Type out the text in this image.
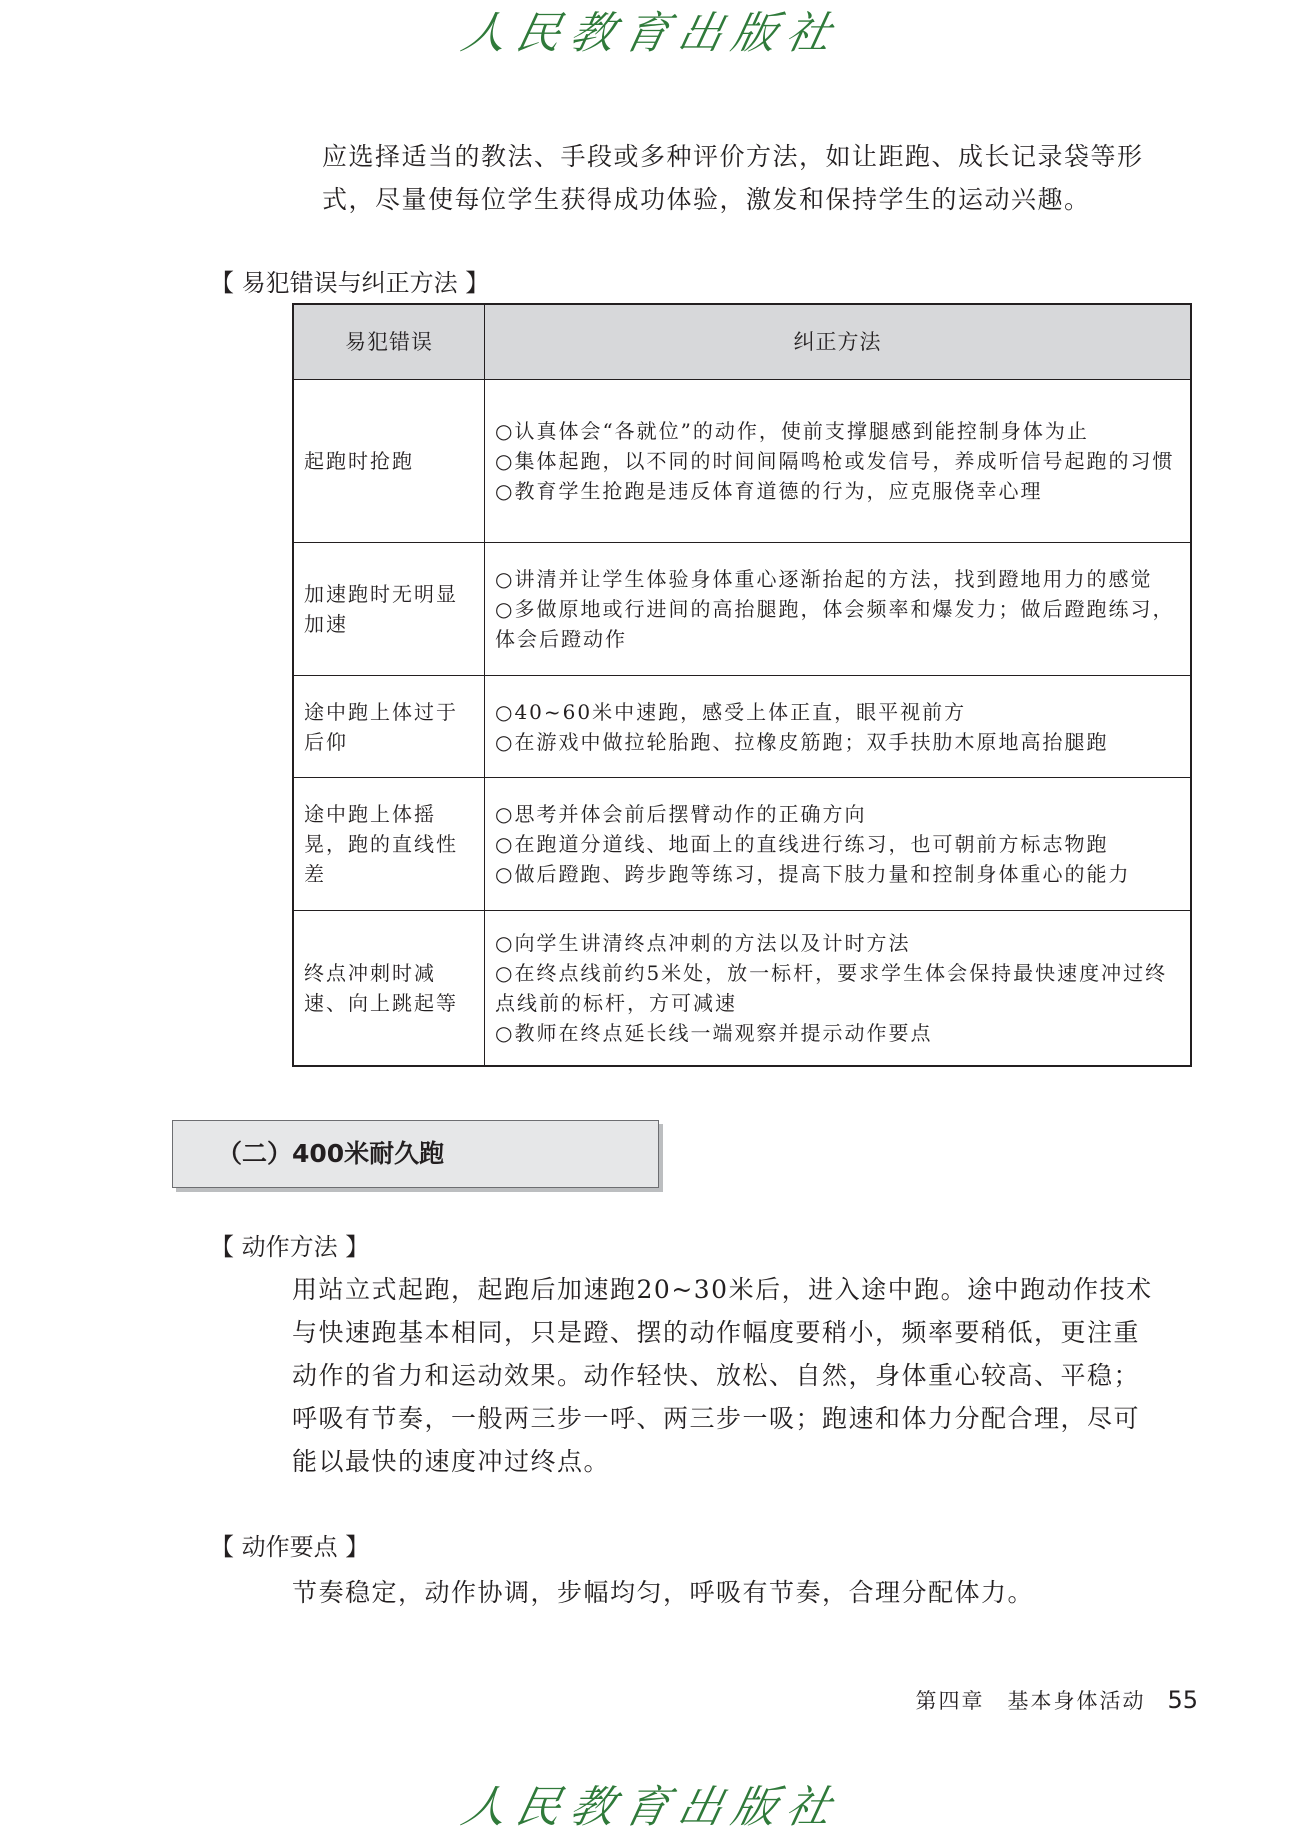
人民教育出版社

应选择适当的教法、手段或多种评价方法，如让距跑、成长记录袋等形

式，尽量使每位学生获得成功体验，激发和保持学生的运动兴趣。

【 易犯错误与纠正方法 】
易犯错误	纠正方法
起跑时抢跑	○认真体会“各就位”的动作，使前支撑腿感到能控制身体为止
○集体起跑，以不同的时间间隔鸣枪或发信号，养成听信号起跑的习惯
○教育学生抢跑是违反体育道德的行为，应克服侥幸心理

加速跑时无明显加速	○讲清并让学生体验身体重心逐渐抬起的方法，找到蹬地用力的感觉
○多做原地或行进间的高抬腿跑，体会频率和爆发力；做后蹬跑练习，体会后蹬动作

途中跑上体过于后仰	○40~60米中速跑，感受上体正直，眼平视前方
○在游戏中做拉轮胎跑、拉橡皮筋跑；双手扶肋木原地高抬腿跑

途中跑上体摇晃，跑的直线性差	○思考并体会前后摆臂动作的正确方向
○在跑道分道线、地面上的直线进行练习，也可朝前方标志物跑
○做后蹬跑、跨步跑等练习，提高下肢力量和控制身体重心的能力

终点冲刺时减速、向上跳起等	○向学生讲清终点冲刺的方法以及计时方法
○在终点线前约5米处，放一标杆，要求学生体会保持最快速度冲过终点线前的标杆，方可减速
○教师在终点延长线一端观察并提示动作要点
（二）400米耐久跑
【 动作方法 】

用站立式起跑，起跑后加速跑20~30米后，进入途中跑。途中跑动作技术

与快速跑基本相同，只是蹬、摆的动作幅度要稍小，频率要稍低，更注重

动作的省力和运动效果。动作轻快、放松、自然，身体重心较高、平稳；

呼吸有节奏，一般两三步一呼、两三步一吸；跑速和体力分配合理，尽可

能以最快的速度冲过终点。

【 动作要点 】
节奏稳定，动作协调，步幅均匀，呼吸有节奏，合理分配体力。
第四章　基本身体活动 55
人民教育出版社
